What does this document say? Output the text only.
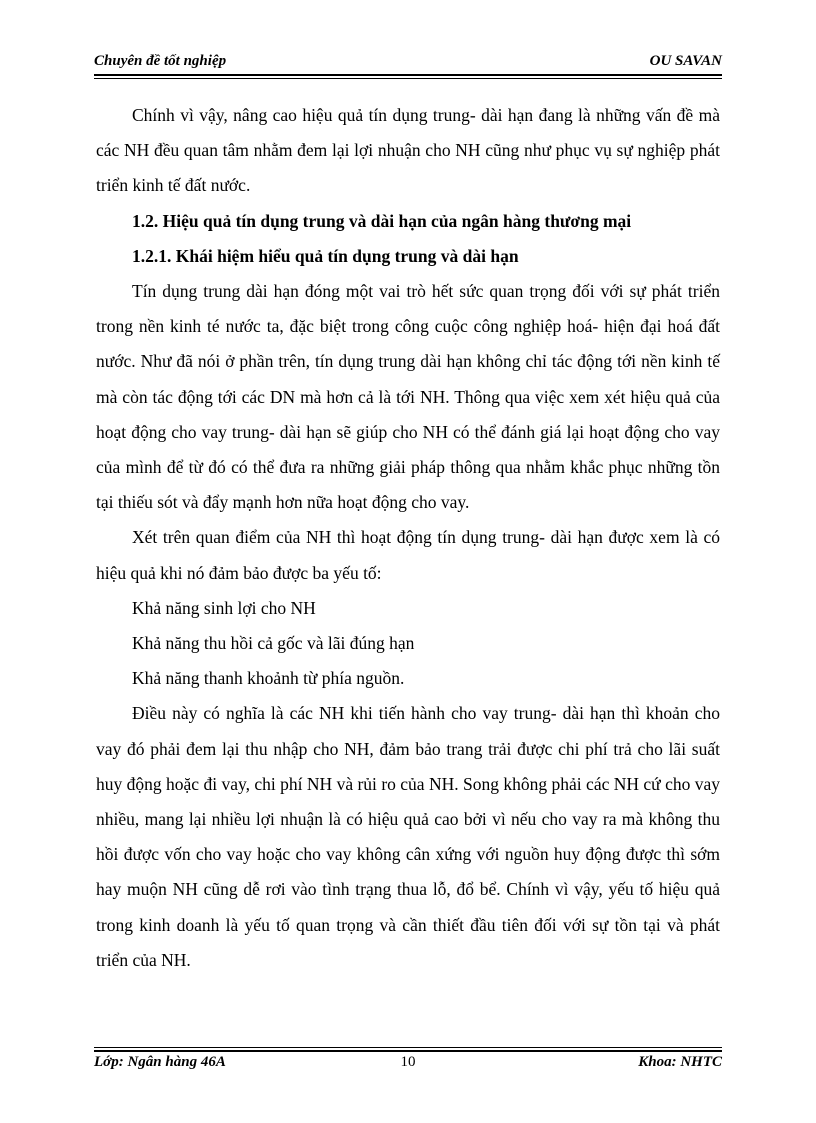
Chuyên đề tốt nghiệp	OU SAVAN

Chính vì vậy, nâng cao hiệu quả tín dụng trung- dài hạn đang là những vấn đề mà các NH đều quan tâm nhằm đem lại lợi nhuận cho NH cũng như phục vụ sự nghiệp phát triển kinh tế đất nước.

1.2. Hiệu quả tín dụng trung và dài hạn của ngân hàng thương mại
1.2.1. Khái hiệm hiểu quả tín dụng trung và dài hạn

Tín dụng trung dài hạn đóng một vai trò hết sức quan trọng đối với sự phát triển trong nền kinh té nước ta, đặc biệt trong công cuộc công nghiệp hoá- hiện đại hoá đất nước. Như đã nói ở phần trên, tín dụng trung dài hạn không chỉ tác động tới nền kinh tế mà còn tác động tới các DN mà hơn cả là tới NH. Thông qua việc xem xét hiệu quả của hoạt động cho vay trung- dài hạn sẽ giúp cho NH có thể đánh giá lại hoạt động cho vay của mình để từ đó có thể đưa ra những giải pháp thông qua nhằm khắc phục những tồn tại thiếu sót và đẩy mạnh hơn nữa hoạt động cho vay.

Xét trên quan điểm của NH thì hoạt động tín dụng trung- dài hạn được xem là có hiệu quả khi nó đảm bảo được ba yếu tố:

Khả năng sinh lợi cho NH
Khả năng thu hồi cả gốc và lãi đúng hạn
Khả năng thanh khoảnh từ phía nguồn.

Điều này có nghĩa là các NH khi tiến hành cho vay trung- dài hạn thì khoản cho vay đó phải đem lại thu nhập cho NH, đảm bảo trang trải được chi phí trả cho lãi suất huy động hoặc đi vay, chi phí NH và rủi ro của NH. Song không phải các NH cứ cho vay nhiều, mang lại nhiều lợi nhuận là có hiệu quả cao bởi vì nếu cho vay ra mà không thu hồi được vốn cho vay hoặc cho vay không cân xứng với nguồn huy động được thì sớm hay muộn NH cũng dễ rơi vào tình trạng thua lỗ, đổ bể. Chính vì vậy, yếu tố hiệu quả trong kinh doanh là yếu tố quan trọng và cần thiết đầu tiên đối với sự tồn tại và phát triển của NH.

Lớp: Ngân hàng 46A	10	Khoa: NHTC
